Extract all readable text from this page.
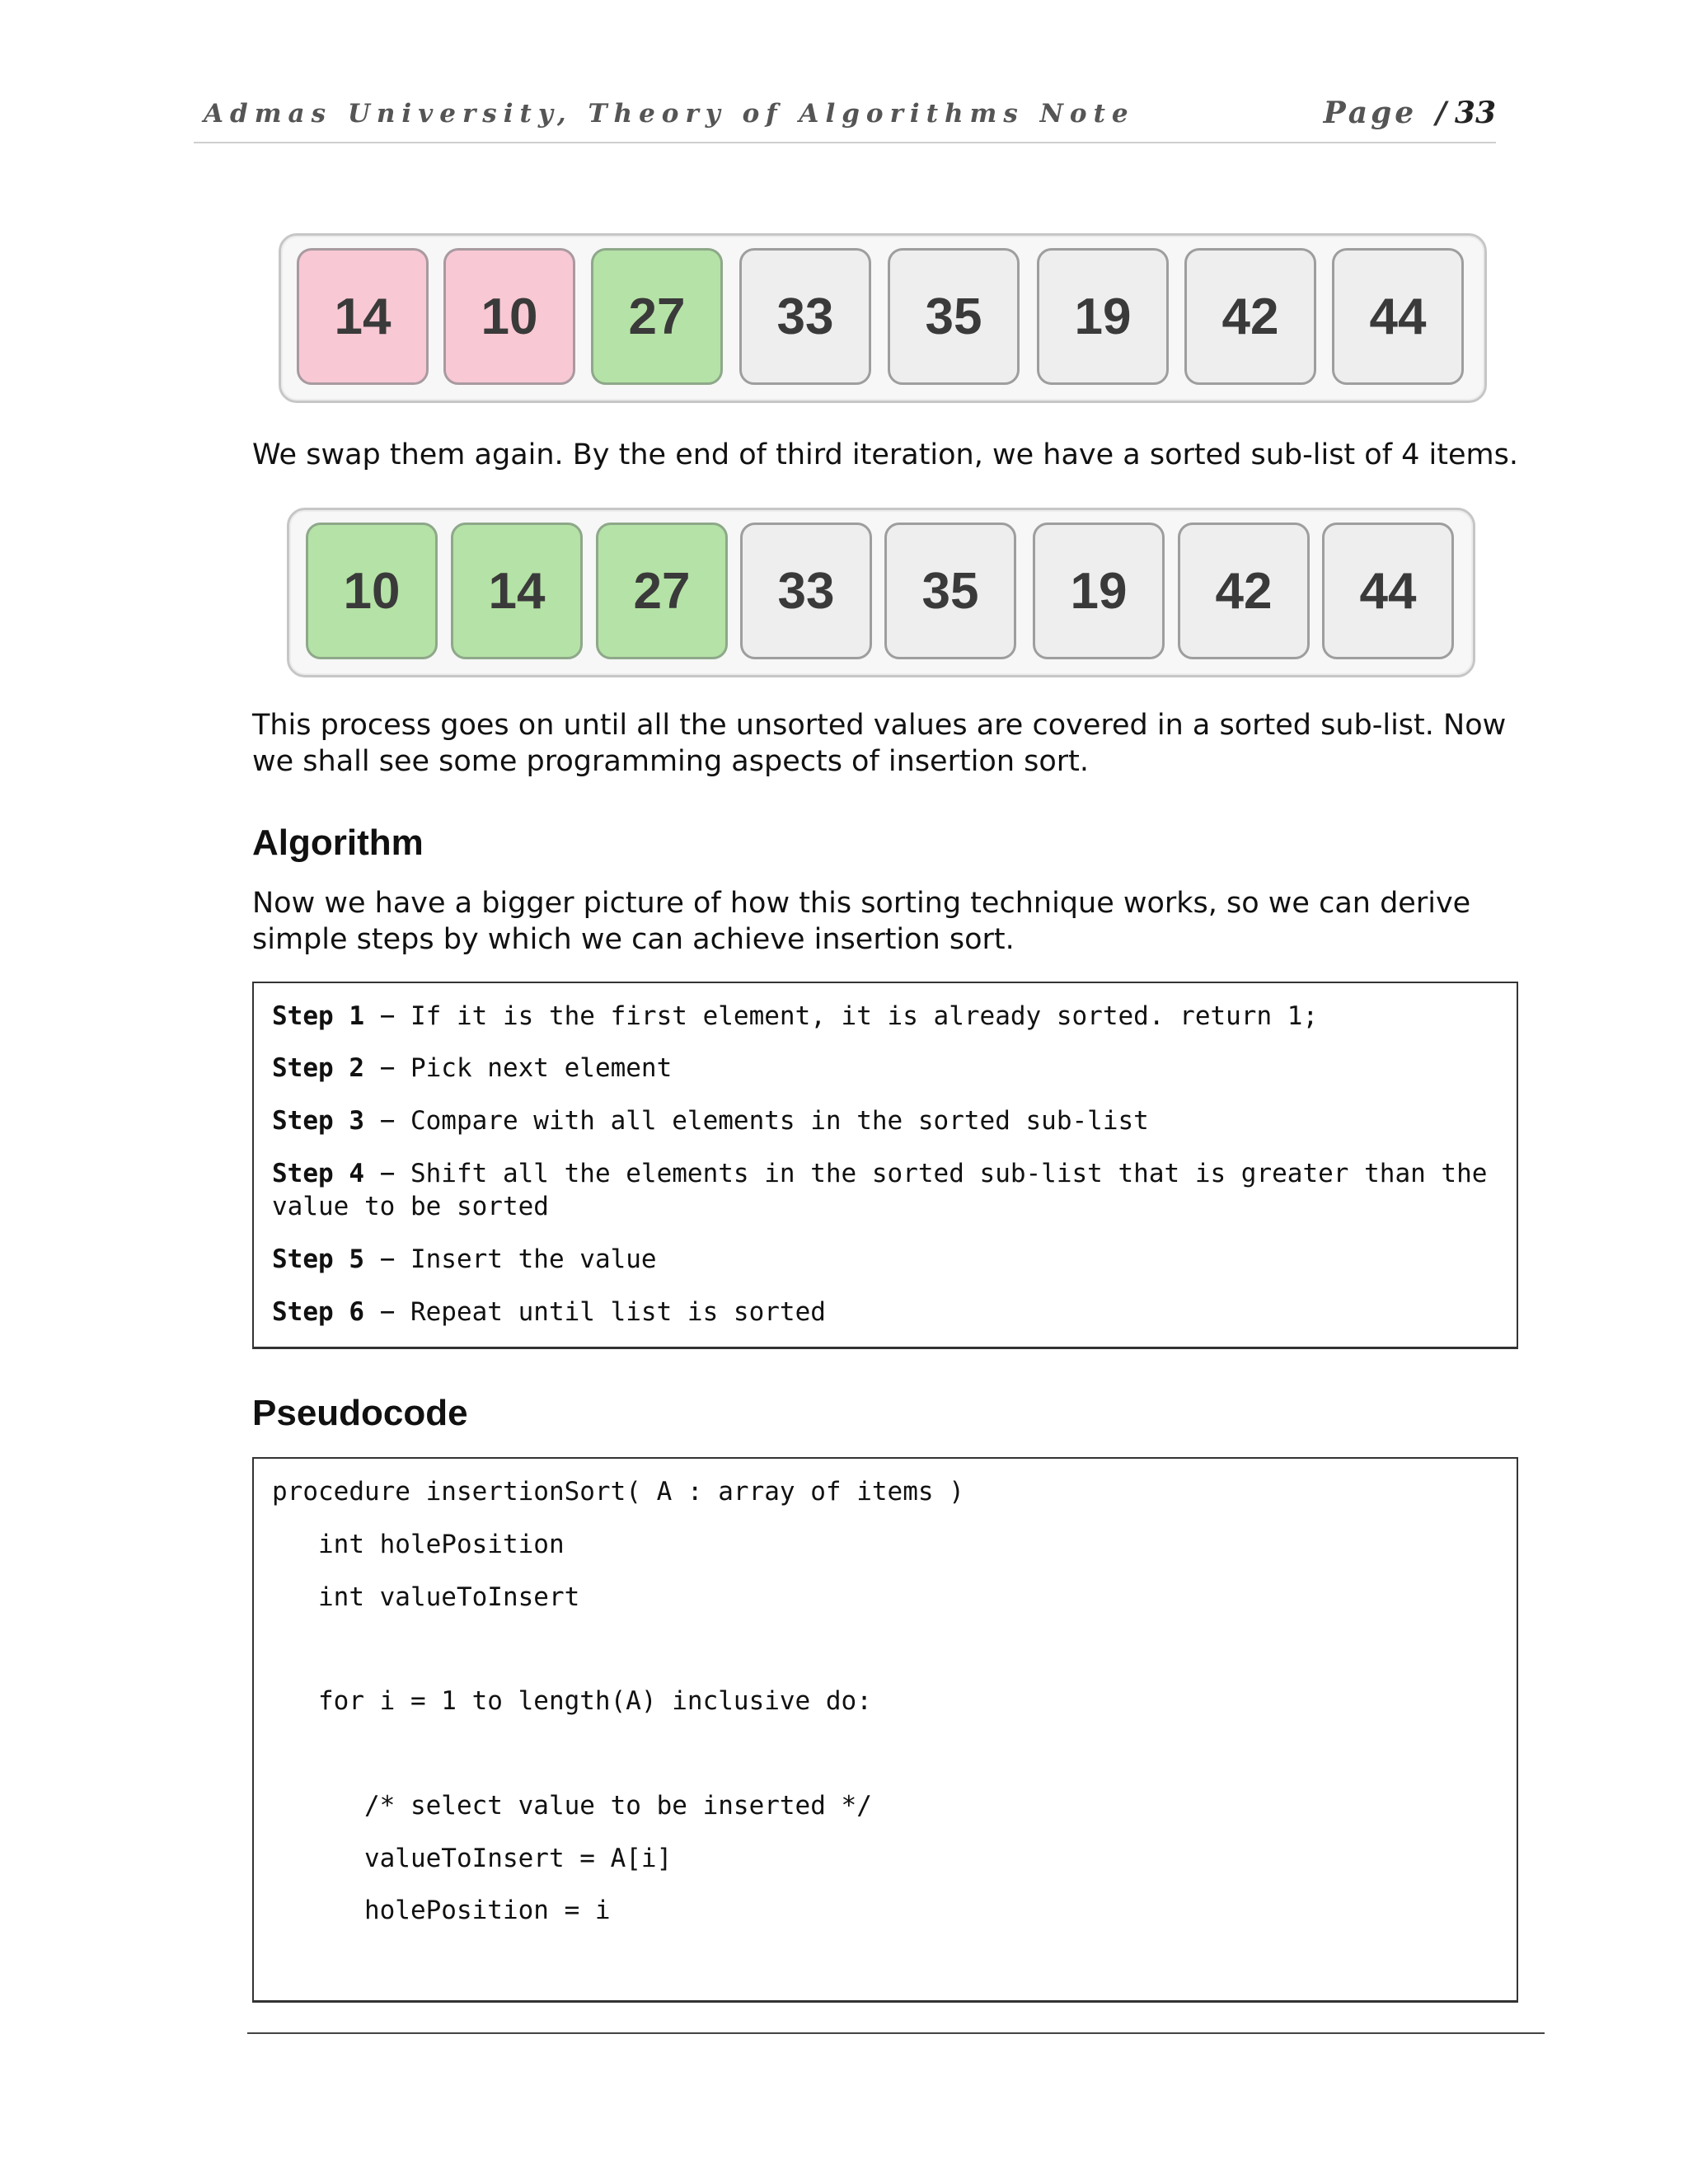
Admas University, Theory of Algorithms Note	Page / 33
14	10	27	33	35	19	42	44
We swap them again. By the end of third iteration, we have a sorted sub-list of 4 items.
10	14	27	33	35	19	42	44
This process goes on until all the unsorted values are covered in a sorted sub-list. Now we shall see some programming aspects of insertion sort.
Algorithm
Now we have a bigger picture of how this sorting technique works, so we can derive simple steps by which we can achieve insertion sort.
Step 1 − If it is the first element, it is already sorted. return 1;
Step 2 − Pick next element
Step 3 − Compare with all elements in the sorted sub-list
Step 4 − Shift all the elements in the sorted sub-list that is greater than the
value to be sorted
Step 5 − Insert the value
Step 6 − Repeat until list is sorted
Pseudocode
procedure insertionSort( A : array of items )
int holePosition
int valueToInsert
for i = 1 to length(A) inclusive do:
/* select value to be inserted */
valueToInsert = A[i]
holePosition = i
